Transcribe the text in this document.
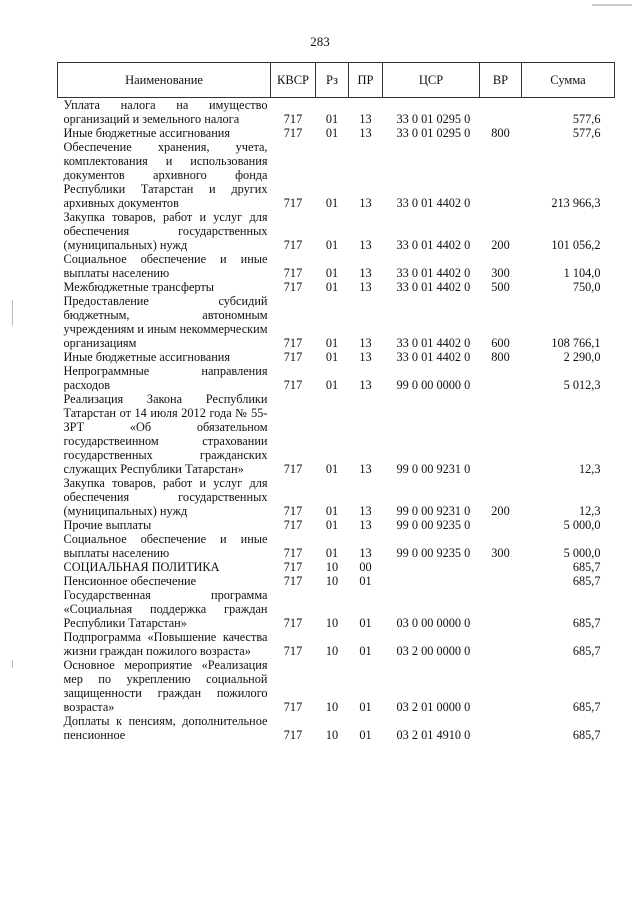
283
Наименование	КВСР	Рз	ПР	ЦСР	ВР	Сумма
Уплата налога на имущество организаций и земельного налога	717	01	13	33 0 01 0295 0		577,6
Иные бюджетные ассигнования	717	01	13	33 0 01 0295 0	800	577,6
Обеспечение хранения, учета, комплектования и использования документов архивного фонда Республики Татарстан и других архивных документов	717	01	13	33 0 01 4402 0		213 966,3
Закупка товаров, работ и услуг для обеспечения государственных (муниципальных) нужд	717	01	13	33 0 01 4402 0	200	101 056,2
Социальное обеспечение и иные выплаты населению	717	01	13	33 0 01 4402 0	300	1 104,0
Межбюджетные трансферты	717	01	13	33 0 01 4402 0	500	750,0
Предоставление субсидий бюджетным, автономным учреждениям и иным некоммерческим организациям	717	01	13	33 0 01 4402 0	600	108 766,1
Иные бюджетные ассигнования	717	01	13	33 0 01 4402 0	800	2 290,0
Непрограммные направления расходов	717	01	13	99 0 00 0000 0		5 012,3
Реализация Закона Республики Татарстан от 14 июля 2012 года № 55-ЗРТ «Об обязательном государствеинном страховании государственных гражданских служащих Республики Татарстан»	717	01	13	99 0 00 9231 0		12,3
Закупка товаров, работ и услуг для обеспечения государственных (муниципальных) нужд	717	01	13	99 0 00 9231 0	200	12,3
Прочие выплаты	717	01	13	99 0 00 9235 0		5 000,0
Социальное обеспечение и иные выплаты населению	717	01	13	99 0 00 9235 0	300	5 000,0
СОЦИАЛЬНАЯ ПОЛИТИКА	717	10	00			685,7
Пенсионное обеспечение	717	10	01			685,7
Государственная программа «Социальная поддержка граждан Республики Татарстан»	717	10	01	03 0 00 0000 0		685,7
Подпрограмма «Повышение качества жизни граждан пожилого возраста»	717	10	01	03 2 00 0000 0		685,7
Основное мероприятие «Реализация мер по укреплению социальной защищенности граждан пожилого возраста»	717	10	01	03 2 01 0000 0		685,7
Доплаты к пенсиям, дополнительное пенсионное	717	10	01	03 2 01 4910 0		685,7
